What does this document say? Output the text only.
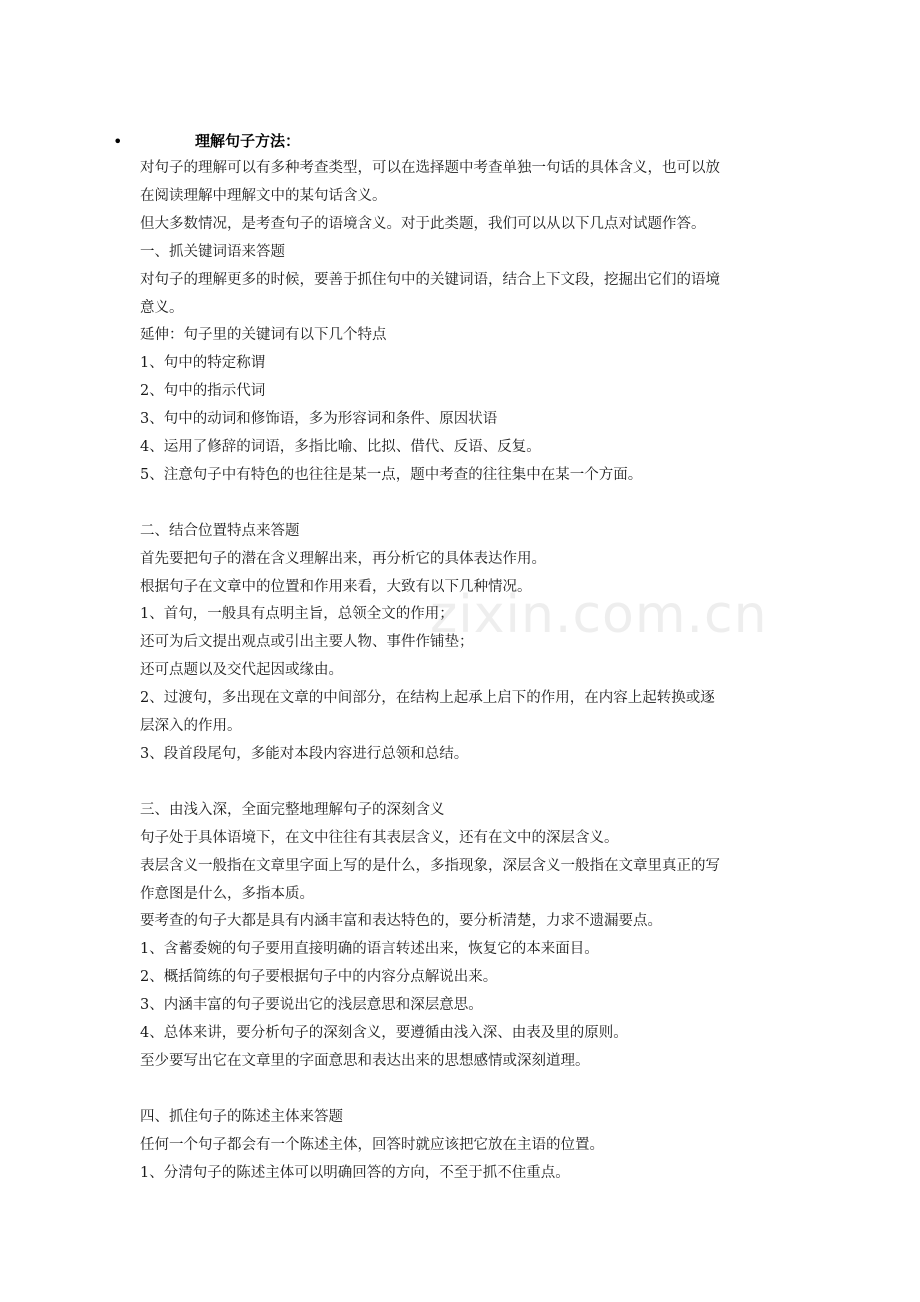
zixin.com.cn
•	理解句子方法：

对句子的理解可以有多种考查类型，可以在选择题中考查单独一句话的具体含义，也可以放

在阅读理解中理解文中的某句话含义。

但大多数情况，是考查句子的语境含义。对于此类题，我们可以从以下几点对试题作答。

一、抓关键词语来答题

对句子的理解更多的时候，要善于抓住句中的关键词语，结合上下文段，挖掘出它们的语境

意义。

延伸：句子里的关键词有以下几个特点

1、句中的特定称谓

2、句中的指示代词

3、句中的动词和修饰语，多为形容词和条件、原因状语

4、运用了修辞的词语，多指比喻、比拟、借代、反语、反复。

5、注意句子中有特色的也往往是某一点，题中考查的往往集中在某一个方面。

二、结合位置特点来答题

首先要把句子的潜在含义理解出来，再分析它的具体表达作用。

根据句子在文章中的位置和作用来看，大致有以下几种情况。

1、首句，一般具有点明主旨，总领全文的作用；

还可为后文提出观点或引出主要人物、事件作铺垫；

还可点题以及交代起因或缘由。

2、过渡句，多出现在文章的中间部分，在结构上起承上启下的作用，在内容上起转换或逐

层深入的作用。

3、段首段尾句，多能对本段内容进行总领和总结。

三、由浅入深，全面完整地理解句子的深刻含义

句子处于具体语境下，在文中往往有其表层含义，还有在文中的深层含义。

表层含义一般指在文章里字面上写的是什么，多指现象，深层含义一般指在文章里真正的写

作意图是什么，多指本质。

要考查的句子大都是具有内涵丰富和表达特色的，要分析清楚，力求不遗漏要点。

1、含蓄委婉的句子要用直接明确的语言转述出来，恢复它的本来面目。

2、概括简练的句子要根据句子中的内容分点解说出来。

3、内涵丰富的句子要说出它的浅层意思和深层意思。

4、总体来讲，要分析句子的深刻含义，要遵循由浅入深、由表及里的原则。

至少要写出它在文章里的字面意思和表达出来的思想感情或深刻道理。

四、抓住句子的陈述主体来答题

任何一个句子都会有一个陈述主体，回答时就应该把它放在主语的位置。

1、分清句子的陈述主体可以明确回答的方向，不至于抓不住重点。
